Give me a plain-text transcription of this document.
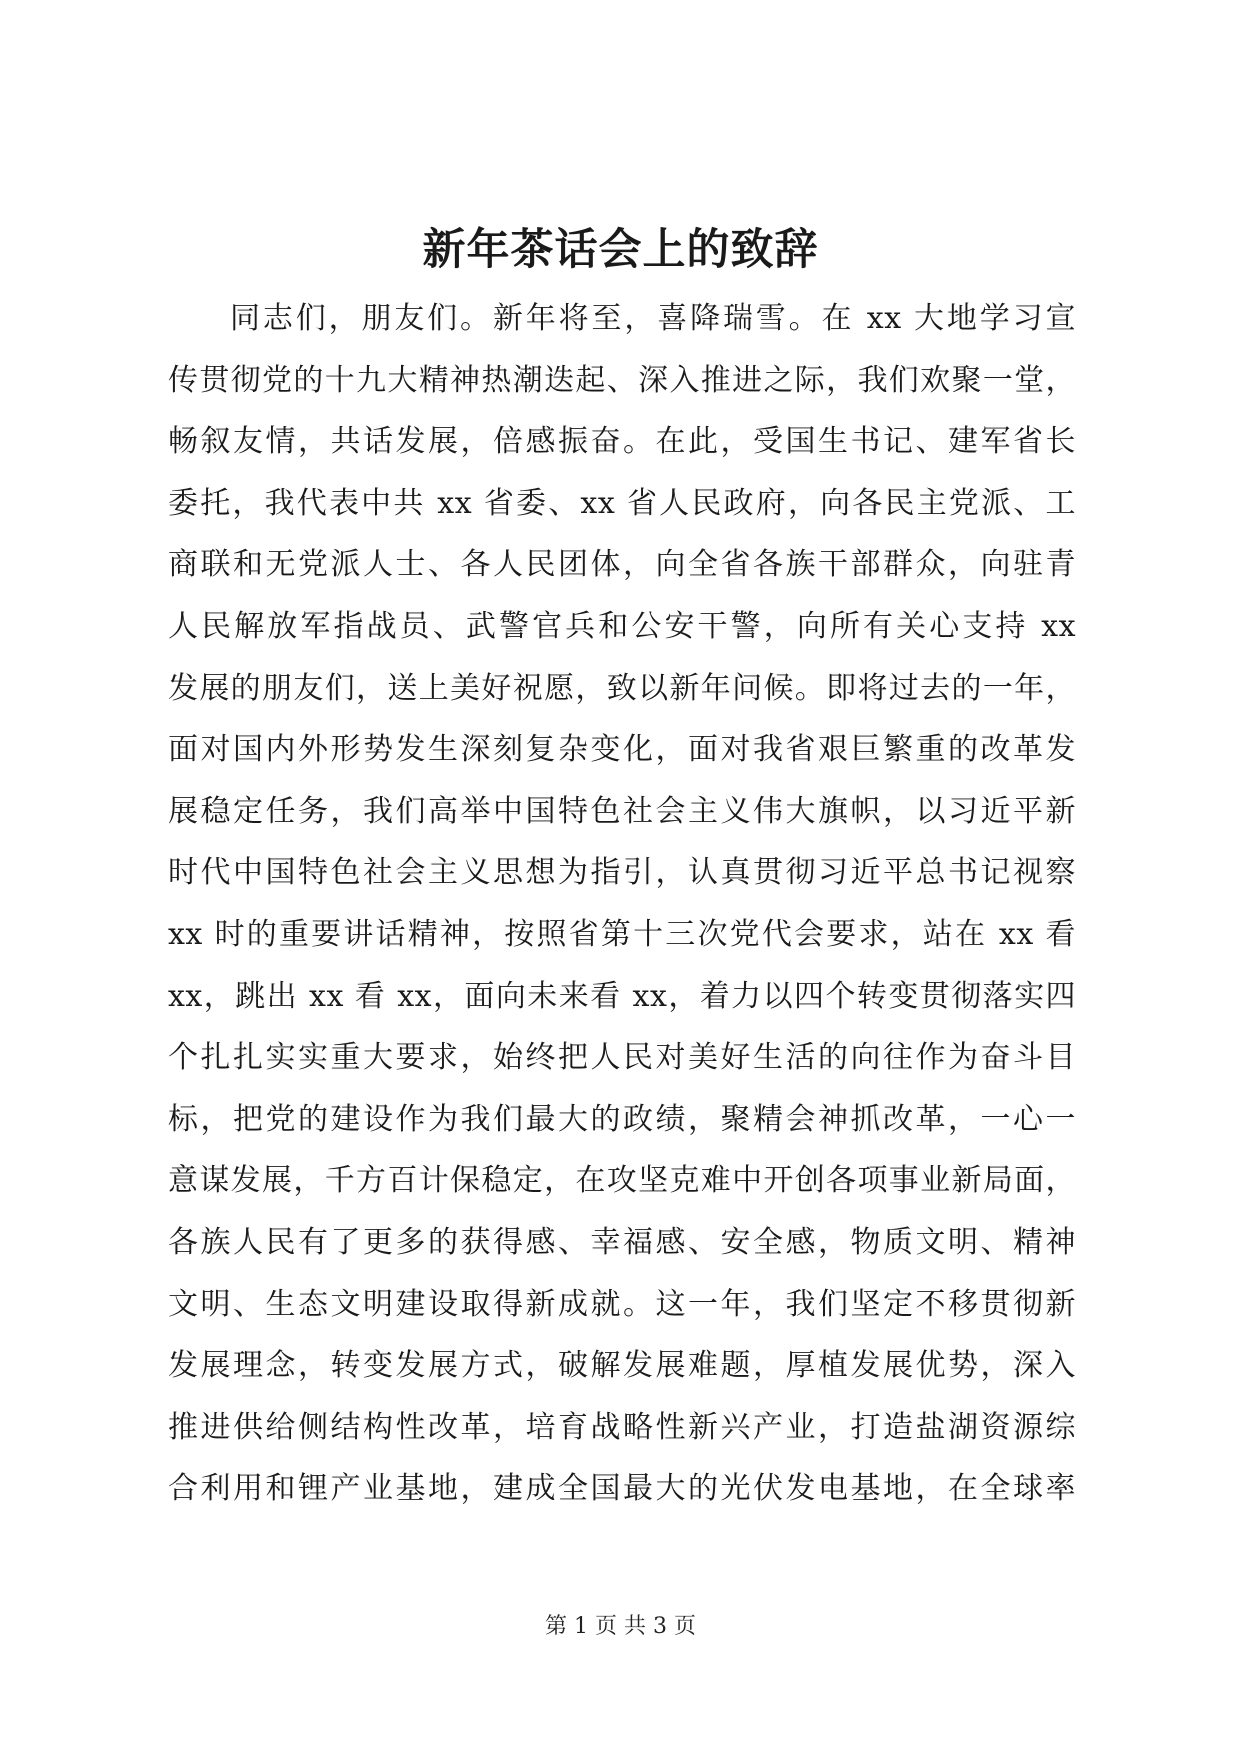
新年茶话会上的致辞
同志们，朋友们。新年将至，喜降瑞雪。在 xx 大地学习宣
传贯彻党的十九大精神热潮迭起、深入推进之际，我们欢聚一堂，
畅叙友情，共话发展，倍感振奋。在此，受国生书记、建军省长
委托，我代表中共 xx 省委、xx 省人民政府，向各民主党派、工
商联和无党派人士、各人民团体，向全省各族干部群众，向驻青
人民解放军指战员、武警官兵和公安干警，向所有关心支持 xx
发展的朋友们，送上美好祝愿，致以新年问候。即将过去的一年，
面对国内外形势发生深刻复杂变化，面对我省艰巨繁重的改革发
展稳定任务，我们高举中国特色社会主义伟大旗帜，以习近平新
时代中国特色社会主义思想为指引，认真贯彻习近平总书记视察
xx 时的重要讲话精神，按照省第十三次党代会要求，站在 xx 看
xx，跳出 xx 看 xx，面向未来看 xx，着力以四个转变贯彻落实四
个扎扎实实重大要求，始终把人民对美好生活的向往作为奋斗目
标，把党的建设作为我们最大的政绩，聚精会神抓改革，一心一
意谋发展，千方百计保稳定，在攻坚克难中开创各项事业新局面，
各族人民有了更多的获得感、幸福感、安全感，物质文明、精神
文明、生态文明建设取得新成就。这一年，我们坚定不移贯彻新
发展理念，转变发展方式，破解发展难题，厚植发展优势，深入
推进供给侧结构性改革，培育战略性新兴产业，打造盐湖资源综
合利用和锂产业基地，建成全国最大的光伏发电基地，在全球率
第 1 页 共 3 页
